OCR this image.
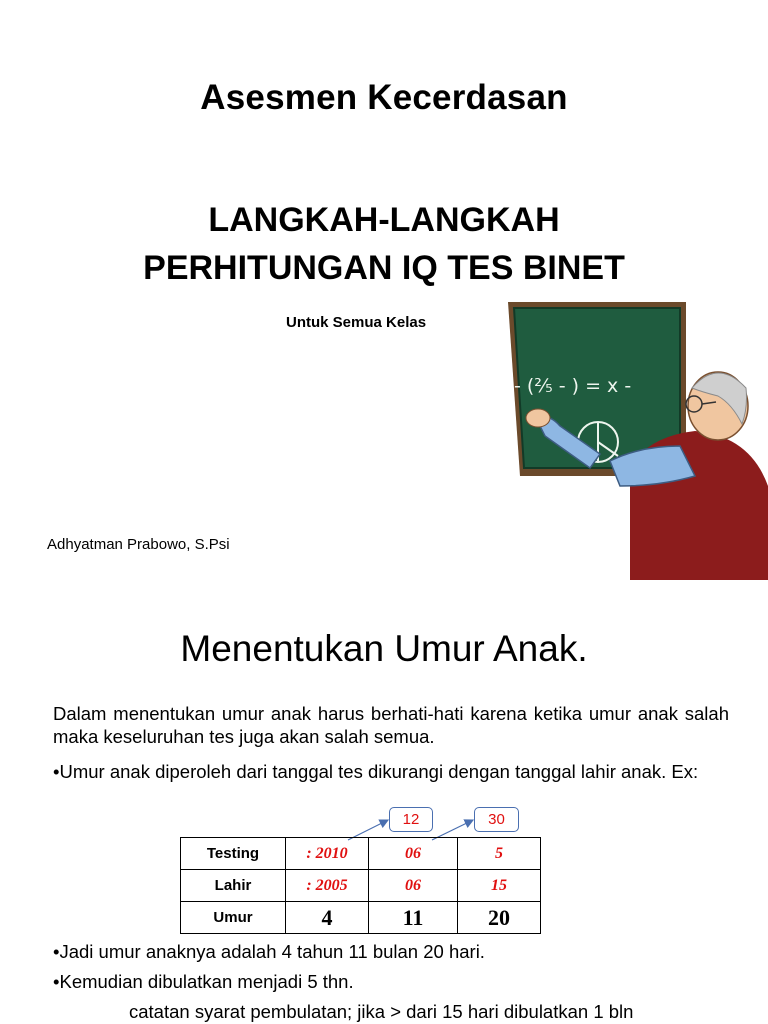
Asesmen Kecerdasan
LANGKAH-LANGKAH
PERHITUNGAN IQ TES BINET
Untuk Semua Kelas
Adhyatman Prabowo, S.Psi
- (²⁄₅ - ) = x -
Menentukan Umur Anak.
Dalam menentukan umur anak harus berhati-hati karena ketika umur anak salah maka keseluruhan tes juga akan salah semua.
•Umur anak diperoleh dari tanggal tes dikurangi dengan tanggal lahir anak. Ex:
12	30
Testing	: 2010	06	5
Lahir	: 2005	06	15
Umur	4	11	20
•Jadi umur anaknya adalah 4 tahun 11 bulan 20 hari.
•Kemudian dibulatkan menjadi 5 thn.
catatan syarat pembulatan; jika > dari 15 hari dibulatkan 1 bln
